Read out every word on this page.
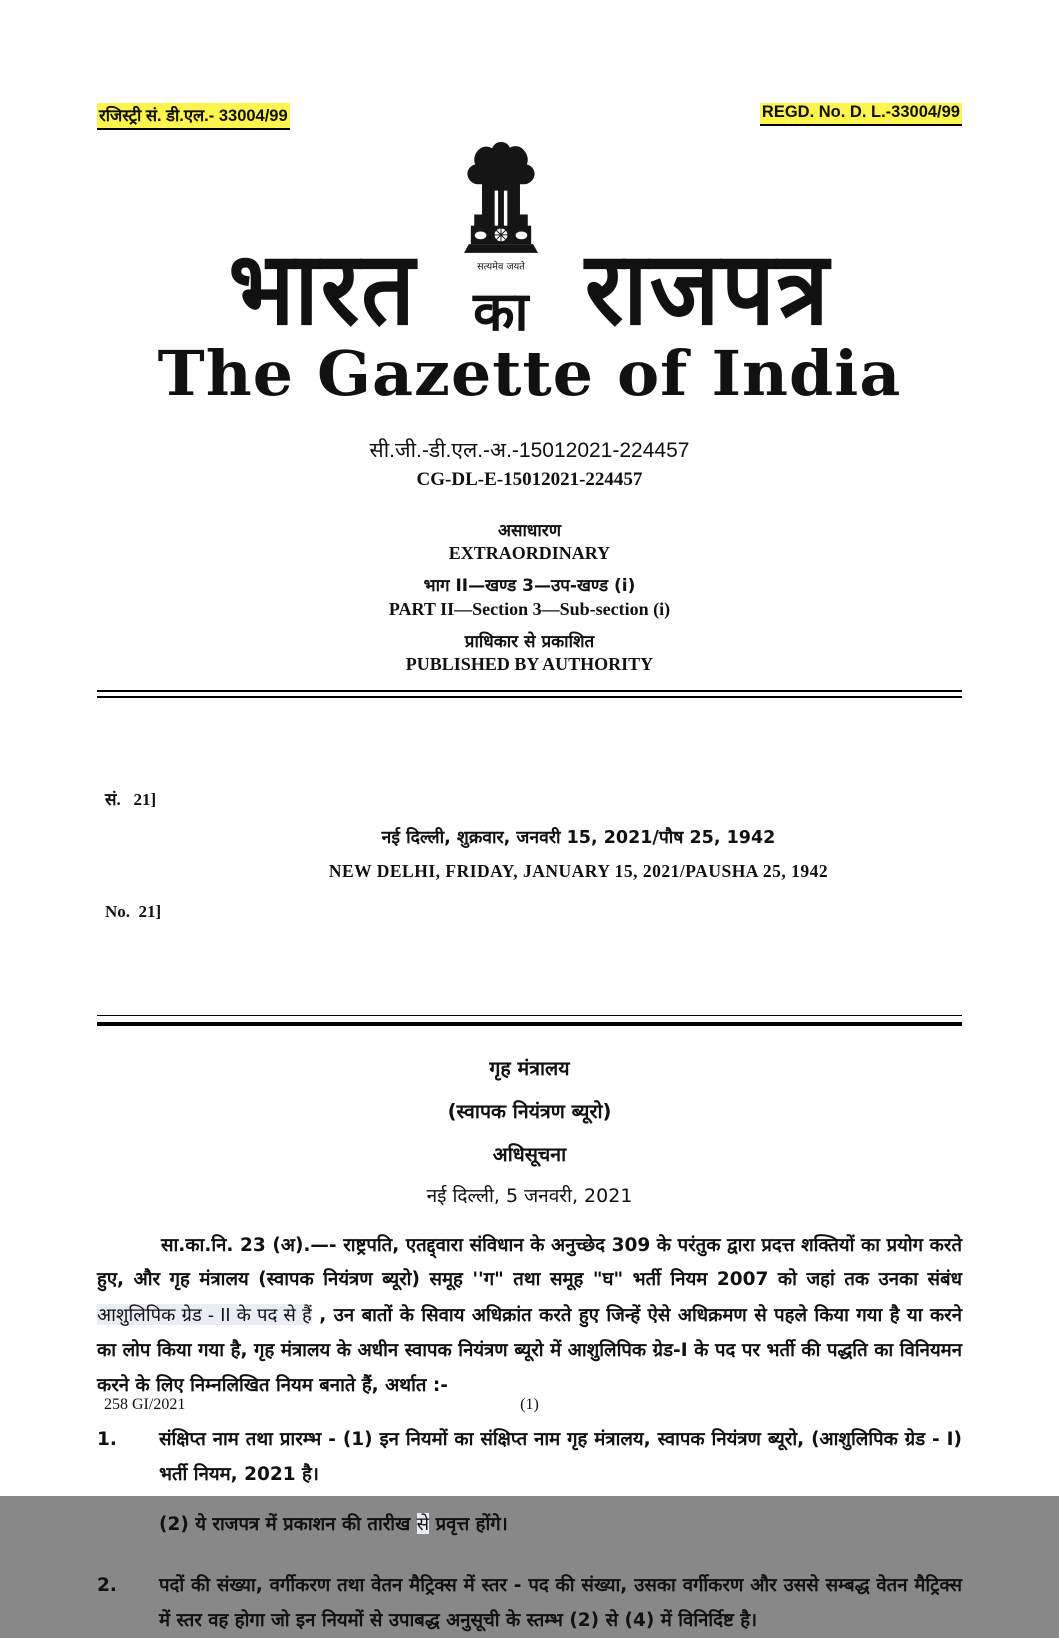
रजिस्ट्री सं. डी.एल.- 33004/99	REGD. No. D. L.-33004/99
भारत	सत्यमेव जयते
का राजपत्र
The Gazette of India
सी.जी.-डी.एल.-अ.-15012021-224457
CG-DL-E-15012021-224457
असाधारण
EXTRAORDINARY
भाग II—खण्ड 3—उप-खण्ड (i)
PART II—Section 3—Sub-section (i)
प्राधिकार से प्रकाशित
PUBLISHED BY AUTHORITY

सं.   21]

No.  21]

नई दिल्ली, शुक्रवार, जनवरी 15, 2021/पौष 25, 1942
NEW DELHI, FRIDAY, JANUARY 15, 2021/PAUSHA 25, 1942
गृह मंत्रालय
(स्वापक नियंत्रण ब्यूरो)
अधिसूचना
नई दिल्ली, 5 जनवरी, 2021

सा.का.नि. 23 (अ).—- राष्ट्रपति, एतद्द्वारा संविधान के अनुच्छेद 309 के परंतुक द्वारा प्रदत्त शक्तियों का प्रयोग करते हुए, और गृह मंत्रालय (स्वापक नियंत्रण ब्यूरो) समूह ''ग" तथा समूह "घ" भर्ती नियम 2007 को जहां तक उनका संबंध आशुलिपिक ग्रेड - II के पद से हैं , उन बातों के सिवाय अधिक्रांत करते हुए जिन्हें ऐसे अधिक्रमण से पहले किया गया है या करने का लोप किया गया है, गृह मंत्रालय के अधीन स्वापक नियंत्रण ब्यूरो में आशुलिपिक ग्रेड-I के पद पर भर्ती की पद्धति का विनियमन करने के लिए निम्नलिखित नियम बनाते हैं, अर्थात :-

1.	संक्षिप्त नाम तथा प्रारम्भ - (1) इन नियमों का संक्षिप्त नाम गृह मंत्रालय, स्वापक नियंत्रण ब्यूरो, (आशुलिपिक ग्रेड - I) भर्ती नियम, 2021 है।
(2) ये राजपत्र में प्रकाशन की तारीख से प्रवृत्त होंगे।
2.	पदों की संख्या, वर्गीकरण तथा वेतन मैट्रिक्स में स्तर - पद की संख्या, उसका वर्गीकरण और उससे सम्बद्ध वेतन मैट्रिक्स में स्तर वह होगा जो इन नियमों से उपाबद्ध अनुसूची के स्तम्भ (2) से (4) में विनिर्दिष्ट है।
258 GI/2021	(1)
